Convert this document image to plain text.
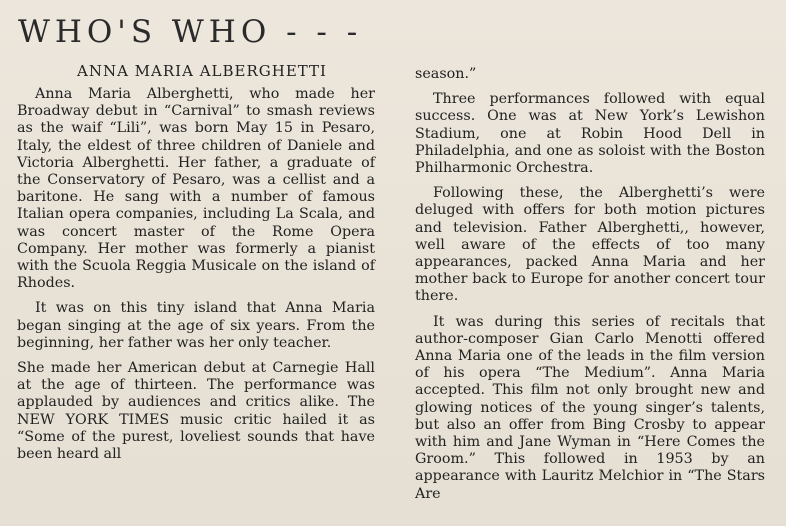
WHO'S WHO - - -
ANNA MARIA ALBERGHETTI

Anna Maria Alberghetti, who made her Broadway debut in “Carnival” to smash reviews as the waif “Lili”, was born May 15 in Pesaro, Italy, the eldest of three children of Daniele and Victoria Alberghetti. Her father, a graduate of the Conservatory of Pesaro, was a cellist and a baritone. He sang with a number of famous Italian opera companies, including La Scala, and was concert master of the Rome Opera Company. Her mother was formerly a pianist with the Scuola Reggia Musicale on the island of Rhodes.

It was on this tiny island that Anna Maria began singing at the age of six years. From the beginning, her father was her only teacher.

She made her American debut at Carnegie Hall at the age of thirteen. The performance was applauded by audiences and critics alike. The NEW YORK TIMES music critic hailed it as “Some of the purest, loveliest sounds that have been heard all

season.”

Three performances followed with equal success. One was at New York’s Lewishon Stadium, one at Robin Hood Dell in Philadelphia, and one as soloist with the Boston Philharmonic Orchestra.

Following these, the Alberghetti’s were deluged with offers for both motion pictures and television. Father Alberghetti,, however, well aware of the effects of too many appearances, packed Anna Maria and her mother back to Europe for another concert tour there.

It was during this series of recitals that author-composer Gian Carlo Menotti offered Anna Maria one of the leads in the film version of his opera “The Medium”. Anna Maria accepted. This film not only brought new and glowing notices of the young singer’s talents, but also an offer from Bing Crosby to appear with him and Jane Wyman in “Here Comes the Groom.” This followed in 1953 by an appearance with Lauritz Melchior in “The Stars Are
